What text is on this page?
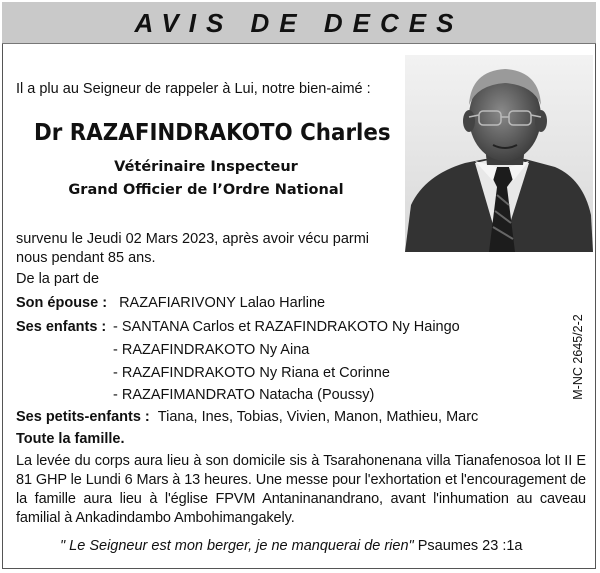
AVIS DE DECES
Il a plu au Seigneur de rappeler à Lui, notre bien-aimé :
Dr RAZAFINDRAKOTO Charles
Vétérinaire Inspecteur
Grand Officier de l’Ordre National
survenu le Jeudi 02 Mars 2023, après avoir vécu parmi
nous pendant 85 ans.
De la part de
Son épouse : RAZAFIARIVONY Lalao Harline
Ses enfants : - SANTANA Carlos et RAZAFINDRAKOTO Ny Haingo
- RAZAFINDRAKOTO Ny Aina
- RAZAFINDRAKOTO Ny Riana et Corinne
- RAZAFIMANDRATO Natacha (Poussy)
Ses petits-enfants : Tiana, Ines, Tobias, Vivien, Manon, Mathieu, Marc
Toute la famille.
La levée du corps aura lieu à son domicile sis à Tsarahonenana villa Tianafenosoa lot II E 81 GHP le Lundi 6 Mars à 13 heures. Une messe pour l'exhortation et l'encouragement de la famille aura lieu à l'église FPVM Antaninanandrano, avant l'inhumation au caveau familial à Ankadindambo Ambohimangakely.
" Le Seigneur est mon berger, je ne manquerai de rien" Psaumes 23 :1a
M-NC 2645/2-2
